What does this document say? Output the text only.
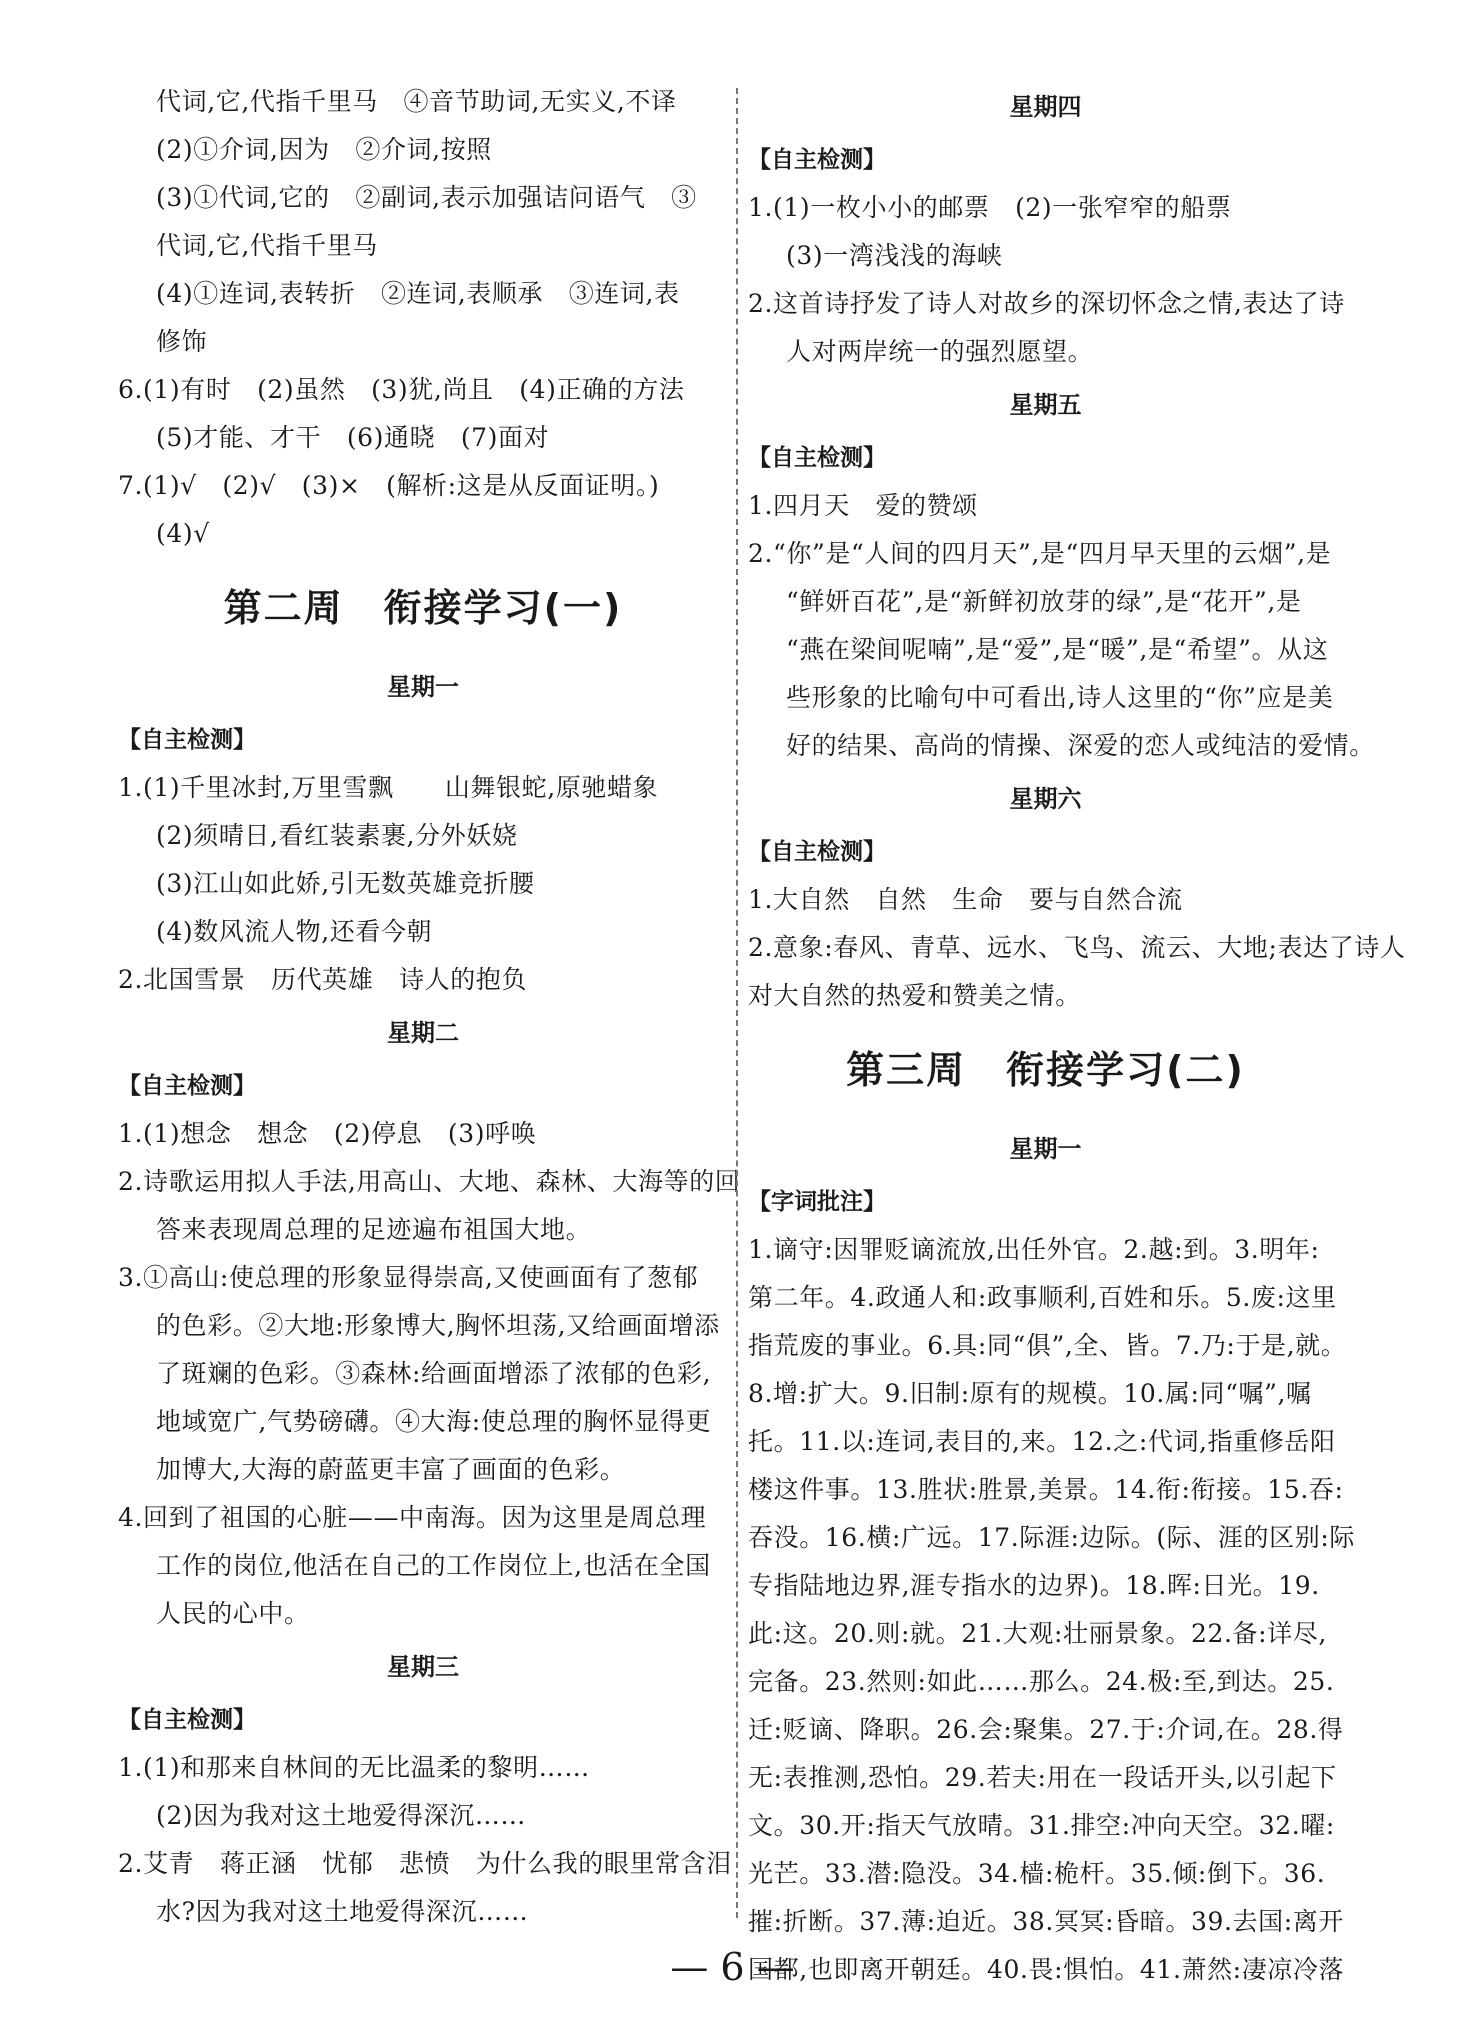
代词,它,代指千里马　④音节助词,无实义,不译
(2)①介词,因为　②介词,按照
(3)①代词,它的　②副词,表示加强诘问语气　③
代词,它,代指千里马
(4)①连词,表转折　②连词,表顺承　③连词,表
修饰
6.(1)有时　(2)虽然　(3)犹,尚且　(4)正确的方法
(5)才能、才干　(6)通晓　(7)面对
7.(1)√　(2)√　(3)×　(解析:这是从反面证明。)
(4)√
第二周　衔接学习(一)
星期一
【自主检测】
1.(1)千里冰封,万里雪飘　　山舞银蛇,原驰蜡象
(2)须晴日,看红装素裹,分外妖娆
(3)江山如此娇,引无数英雄竞折腰
(4)数风流人物,还看今朝
2.北国雪景　历代英雄　诗人的抱负
星期二
【自主检测】
1.(1)想念　想念　(2)停息　(3)呼唤
2.诗歌运用拟人手法,用高山、大地、森林、大海等的回
答来表现周总理的足迹遍布祖国大地。
3.①高山:使总理的形象显得崇高,又使画面有了葱郁
的色彩。②大地:形象博大,胸怀坦荡,又给画面增添
了斑斓的色彩。③森林:给画面增添了浓郁的色彩,
地域宽广,气势磅礴。④大海:使总理的胸怀显得更
加博大,大海的蔚蓝更丰富了画面的色彩。
4.回到了祖国的心脏——中南海。因为这里是周总理
工作的岗位,他活在自己的工作岗位上,也活在全国
人民的心中。
星期三
【自主检测】
1.(1)和那来自林间的无比温柔的黎明……
(2)因为我对这土地爱得深沉……
2.艾青　蒋正涵　忧郁　悲愤　为什么我的眼里常含泪
水?因为我对这土地爱得深沉……
星期四
【自主检测】
1.(1)一枚小小的邮票　(2)一张窄窄的船票
(3)一湾浅浅的海峡
2.这首诗抒发了诗人对故乡的深切怀念之情,表达了诗
人对两岸统一的强烈愿望。
星期五
【自主检测】
1.四月天　爱的赞颂
2.“你”是“人间的四月天”,是“四月早天里的云烟”,是
“鲜妍百花”,是“新鲜初放芽的绿”,是“花开”,是
“燕在梁间呢喃”,是“爱”,是“暖”,是“希望”。从这
些形象的比喻句中可看出,诗人这里的“你”应是美
好的结果、高尚的情操、深爱的恋人或纯洁的爱情。
星期六
【自主检测】
1.大自然　自然　生命　要与自然合流
2.意象:春风、青草、远水、飞鸟、流云、大地;表达了诗人
对大自然的热爱和赞美之情。
第三周　衔接学习(二)
星期一
【字词批注】
1.谪守:因罪贬谪流放,出任外官。2.越:到。3.明年:
第二年。4.政通人和:政事顺利,百姓和乐。5.废:这里
指荒废的事业。6.具:同“俱”,全、皆。7.乃:于是,就。
8.增:扩大。9.旧制:原有的规模。10.属:同“嘱”,嘱
托。11.以:连词,表目的,来。12.之:代词,指重修岳阳
楼这件事。13.胜状:胜景,美景。14.衔:衔接。15.吞:
吞没。16.横:广远。17.际涯:边际。(际、涯的区别:际
专指陆地边界,涯专指水的边界)。18.晖:日光。19.
此:这。20.则:就。21.大观:壮丽景象。22.备:详尽,
完备。23.然则:如此……那么。24.极:至,到达。25.
迁:贬谪、降职。26.会:聚集。27.于:介词,在。28.得
无:表推测,恐怕。29.若夫:用在一段话开头,以引起下
文。30.开:指天气放晴。31.排空:冲向天空。32.曜:
光芒。33.潜:隐没。34.樯:桅杆。35.倾:倒下。36.
摧:折断。37.薄:迫近。38.冥冥:昏暗。39.去国:离开
国都,也即离开朝廷。40.畏:惧怕。41.萧然:凄凉冷落
— 6 —
